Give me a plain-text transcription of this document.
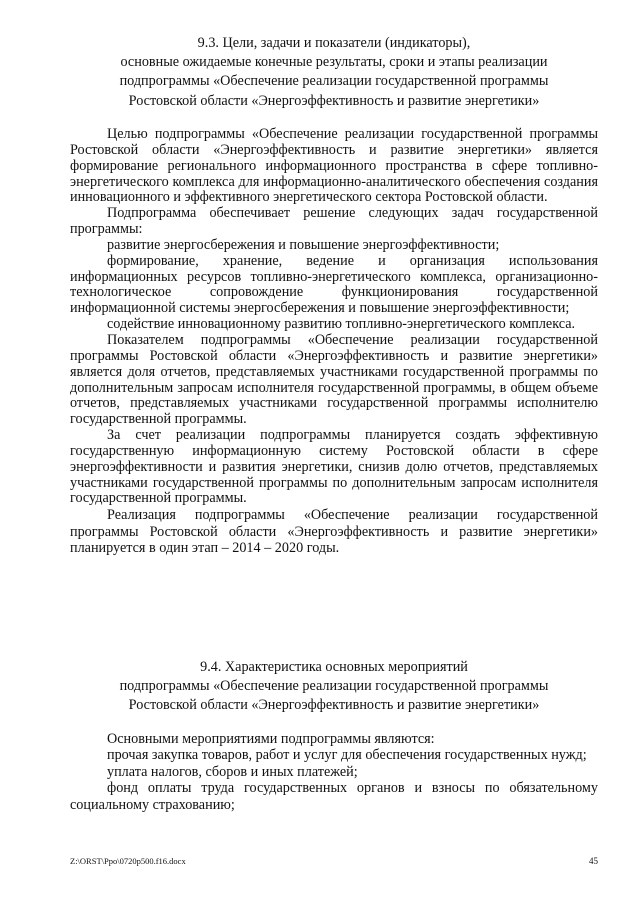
9.3. Цели, задачи и показатели (индикаторы),
основные ожидаемые конечные результаты, сроки и этапы реализации
подпрограммы «Обеспечение реализации государственной программы
Ростовской области «Энергоэффективность и развитие энергетики»

Целью подпрограммы «Обеспечение реализации государственной программы Ростовской области «Энергоэффективность и развитие энергетики» является формирование регионального информационного пространства в сфере топливно-энергетического комплекса для информационно-аналитического обеспечения создания инновационного и эффективного энергетического сектора Ростовской области.

Подпрограмма обеспечивает решение следующих задач государственной программы:

развитие энергосбережения и повышение энергоэффективности;

формирование, хранение, ведение и организация использования информационных ресурсов топливно-энергетического комплекса, организационно-технологическое сопровождение функционирования государственной информационной системы энергосбережения и повышение энергоэффективности;

содействие инновационному развитию топливно-энергетического комплекса.

Показателем подпрограммы «Обеспечение реализации государственной программы Ростовской области «Энергоэффективность и развитие энергетики» является доля отчетов, представляемых участниками государственной программы по дополнительным запросам исполнителя государственной программы, в общем объеме отчетов, представляемых участниками государственной программы исполнителю государственной программы.

За счет реализации подпрограммы планируется создать эффективную государственную информационную систему Ростовской области в сфере энергоэффективности и развития энергетики, снизив долю отчетов, представляемых участниками государственной программы по дополнительным запросам исполнителя государственной программы.

Реализация подпрограммы «Обеспечение реализации государственной программы Ростовской области «Энергоэффективность и развитие энергетики» планируется в один этап – 2014 – 2020 годы.

9.4. Характеристика основных мероприятий
подпрограммы «Обеспечение реализации государственной программы
Ростовской области «Энергоэффективность и развитие энергетики»

Основными мероприятиями подпрограммы являются:

прочая закупка товаров, работ и услуг для обеспечения государственных нужд;

уплата налогов, сборов и иных платежей;

фонд оплаты труда государственных органов и взносы по обязательному социальному страхованию;

Z:\ORST\Ppo\0720p500.f16.docx	45
